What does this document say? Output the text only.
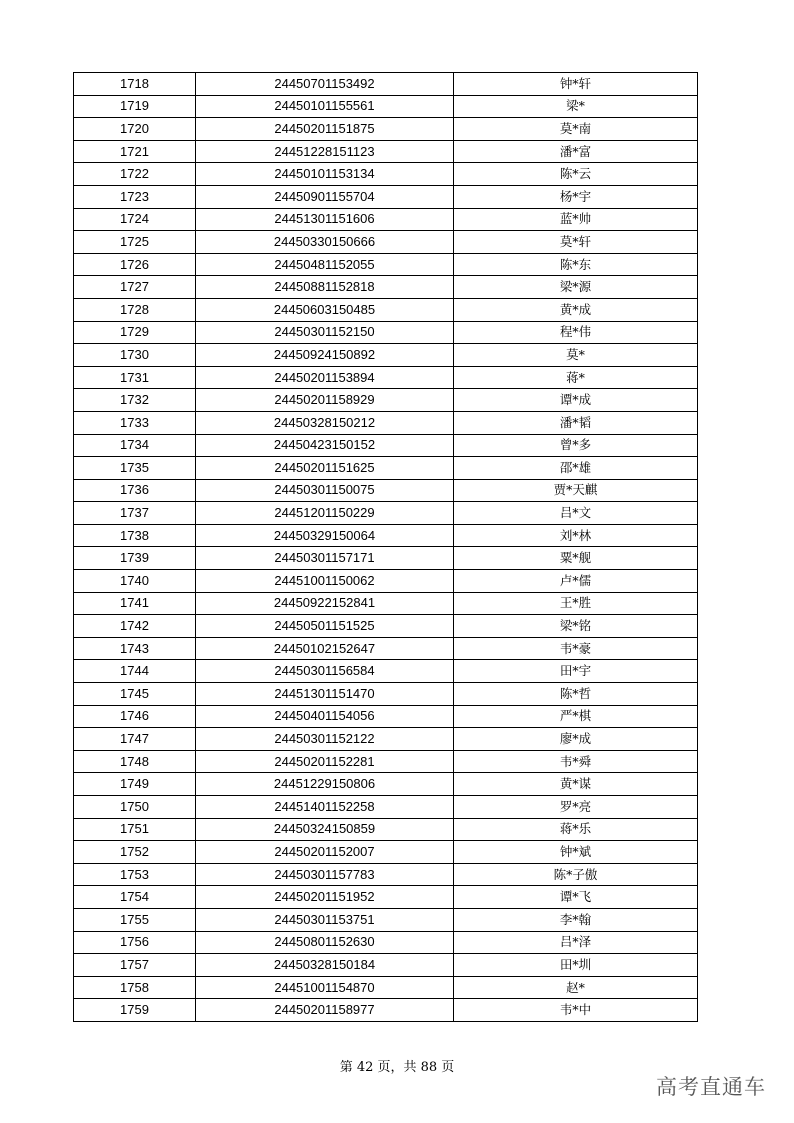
1718	24450701153492	钟*轩
1719	24450101155561	梁*
1720	24450201151875	莫*南
1721	24451228151123	潘*富
1722	24450101153134	陈*云
1723	24450901155704	杨*宇
1724	24451301151606	蓝*帅
1725	24450330150666	莫*轩
1726	24450481152055	陈*东
1727	24450881152818	梁*源
1728	24450603150485	黄*成
1729	24450301152150	程*伟
1730	24450924150892	莫*
1731	24450201153894	蒋*
1732	24450201158929	谭*成
1733	24450328150212	潘*韬
1734	24450423150152	曾*多
1735	24450201151625	邵*雄
1736	24450301150075	贾*天麒
1737	24451201150229	吕*文
1738	24450329150064	刘*林
1739	24450301157171	粟*舰
1740	24451001150062	卢*儒
1741	24450922152841	王*胜
1742	24450501151525	梁*铭
1743	24450102152647	韦*豪
1744	24450301156584	田*宇
1745	24451301151470	陈*哲
1746	24450401154056	严*棋
1747	24450301152122	廖*成
1748	24450201152281	韦*舜
1749	24451229150806	黄*谋
1750	24451401152258	罗*亮
1751	24450324150859	蒋*乐
1752	24450201152007	钟*斌
1753	24450301157783	陈*子傲
1754	24450201151952	谭*飞
1755	24450301153751	李*翰
1756	24450801152630	吕*泽
1757	24450328150184	田*圳
1758	24451001154870	赵*
1759	24450201158977	韦*中
第 42 页，共 88 页
高考直通车
